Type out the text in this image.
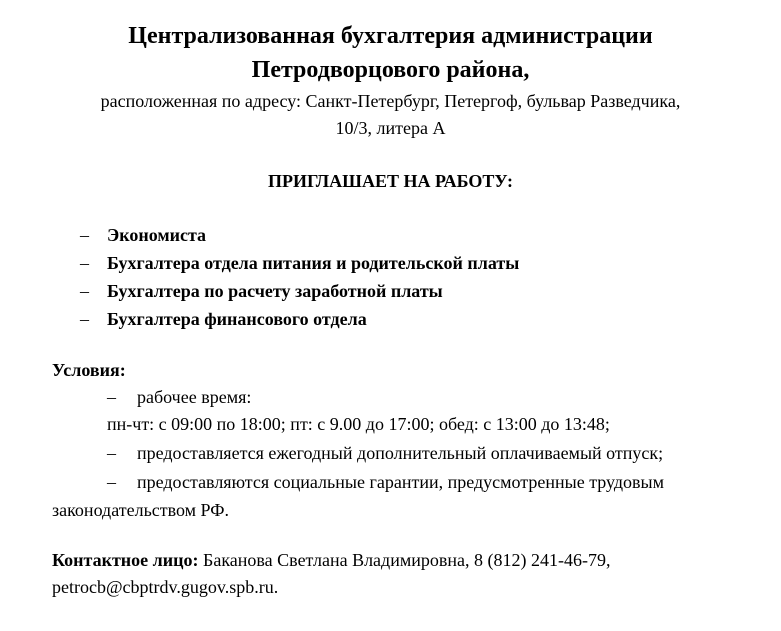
Централизованная бухгалтерия администрации

Петродворцового района,

расположенная по адресу: Санкт-Петербург, Петергоф, бульвар Разведчика,

10/3, литера А

ПРИГЛАШАЕТ НА РАБОТУ:

– Экономиста
– Бухгалтера отдела питания и родительской платы
– Бухгалтера по расчету заработной платы
– Бухгалтера финансового отдела

Условия:

– рабочее время:

пн-чт: с 09:00 по 18:00; пт: с 9.00 до 17:00; обед: с 13:00 до 13:48;

– предоставляется ежегодный дополнительный оплачиваемый отпуск;

– предоставляются социальные гарантии, предусмотренные трудовым

законодательством РФ.

Контактное лицо: Баканова Светлана Владимировна, 8 (812) 241-46-79,

petrocb@cbptrdv.gugov.spb.ru.
